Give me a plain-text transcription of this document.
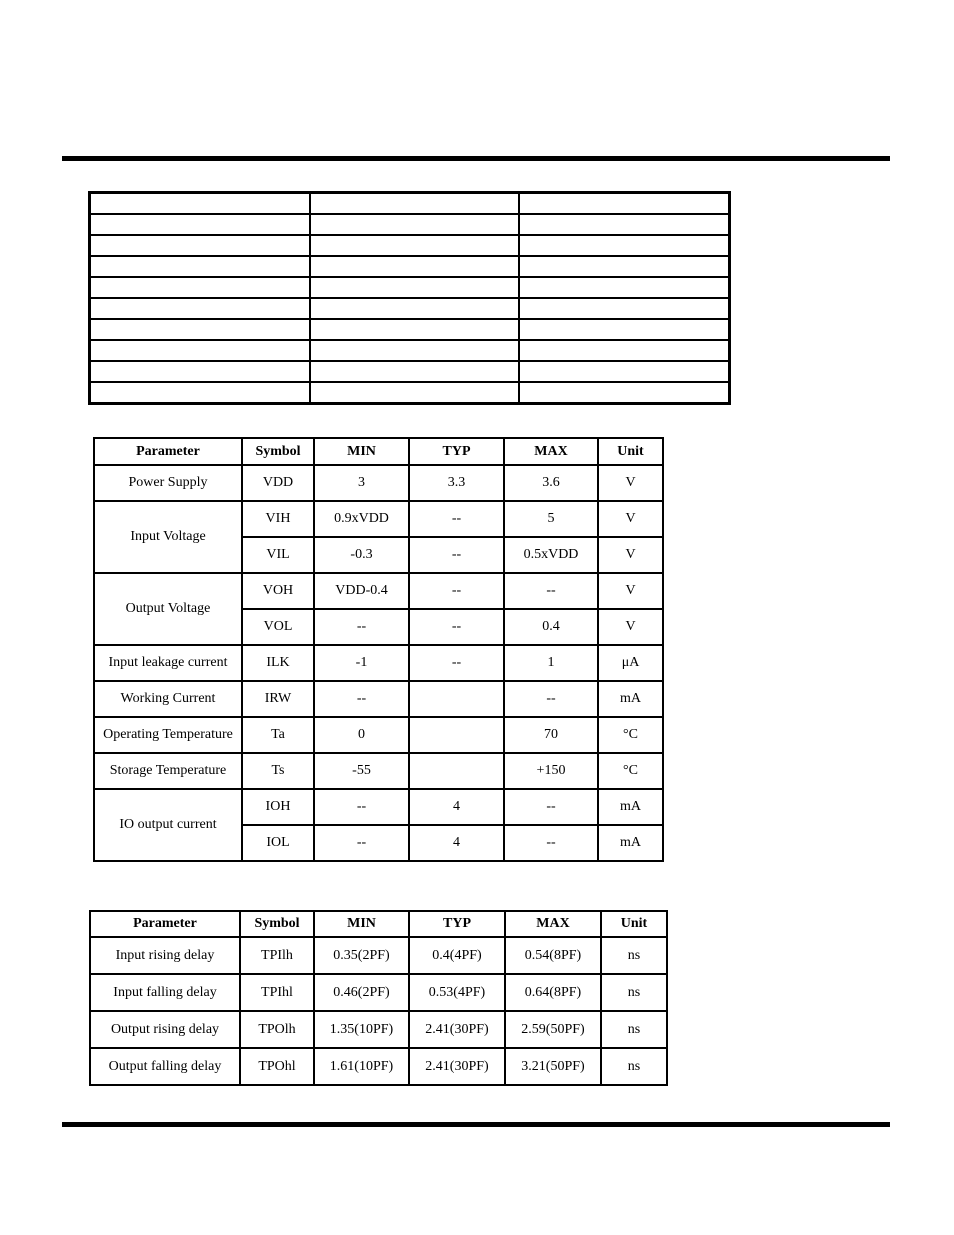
Parameter	Symbol	MIN	TYP	MAX	Unit
Power Supply	VDD	3	3.3	3.6	V
Input Voltage	VIH	0.9xVDD	--	5	V
	VIL	-0.3	--	0.5xVDD	V
Output Voltage	VOH	VDD-0.4	--	--	V
	VOL	--	--	0.4	V
Input leakage current	ILK	-1	--	1	μA
Working Current	IRW	--		--	mA
Operating Temperature	Ta	0		70	°C
Storage Temperature	Ts	-55		+150	°C
IO output current	IOH	--	4	--	mA
	IOL	--	4	--	mA
Parameter	Symbol	MIN	TYP	MAX	Unit
Input rising delay	TPIlh	0.35(2PF)	0.4(4PF)	0.54(8PF)	ns
Input falling delay	TPIhl	0.46(2PF)	0.53(4PF)	0.64(8PF)	ns
Output rising delay	TPOlh	1.35(10PF)	2.41(30PF)	2.59(50PF)	ns
Output falling delay	TPOhl	1.61(10PF)	2.41(30PF)	3.21(50PF)	ns
